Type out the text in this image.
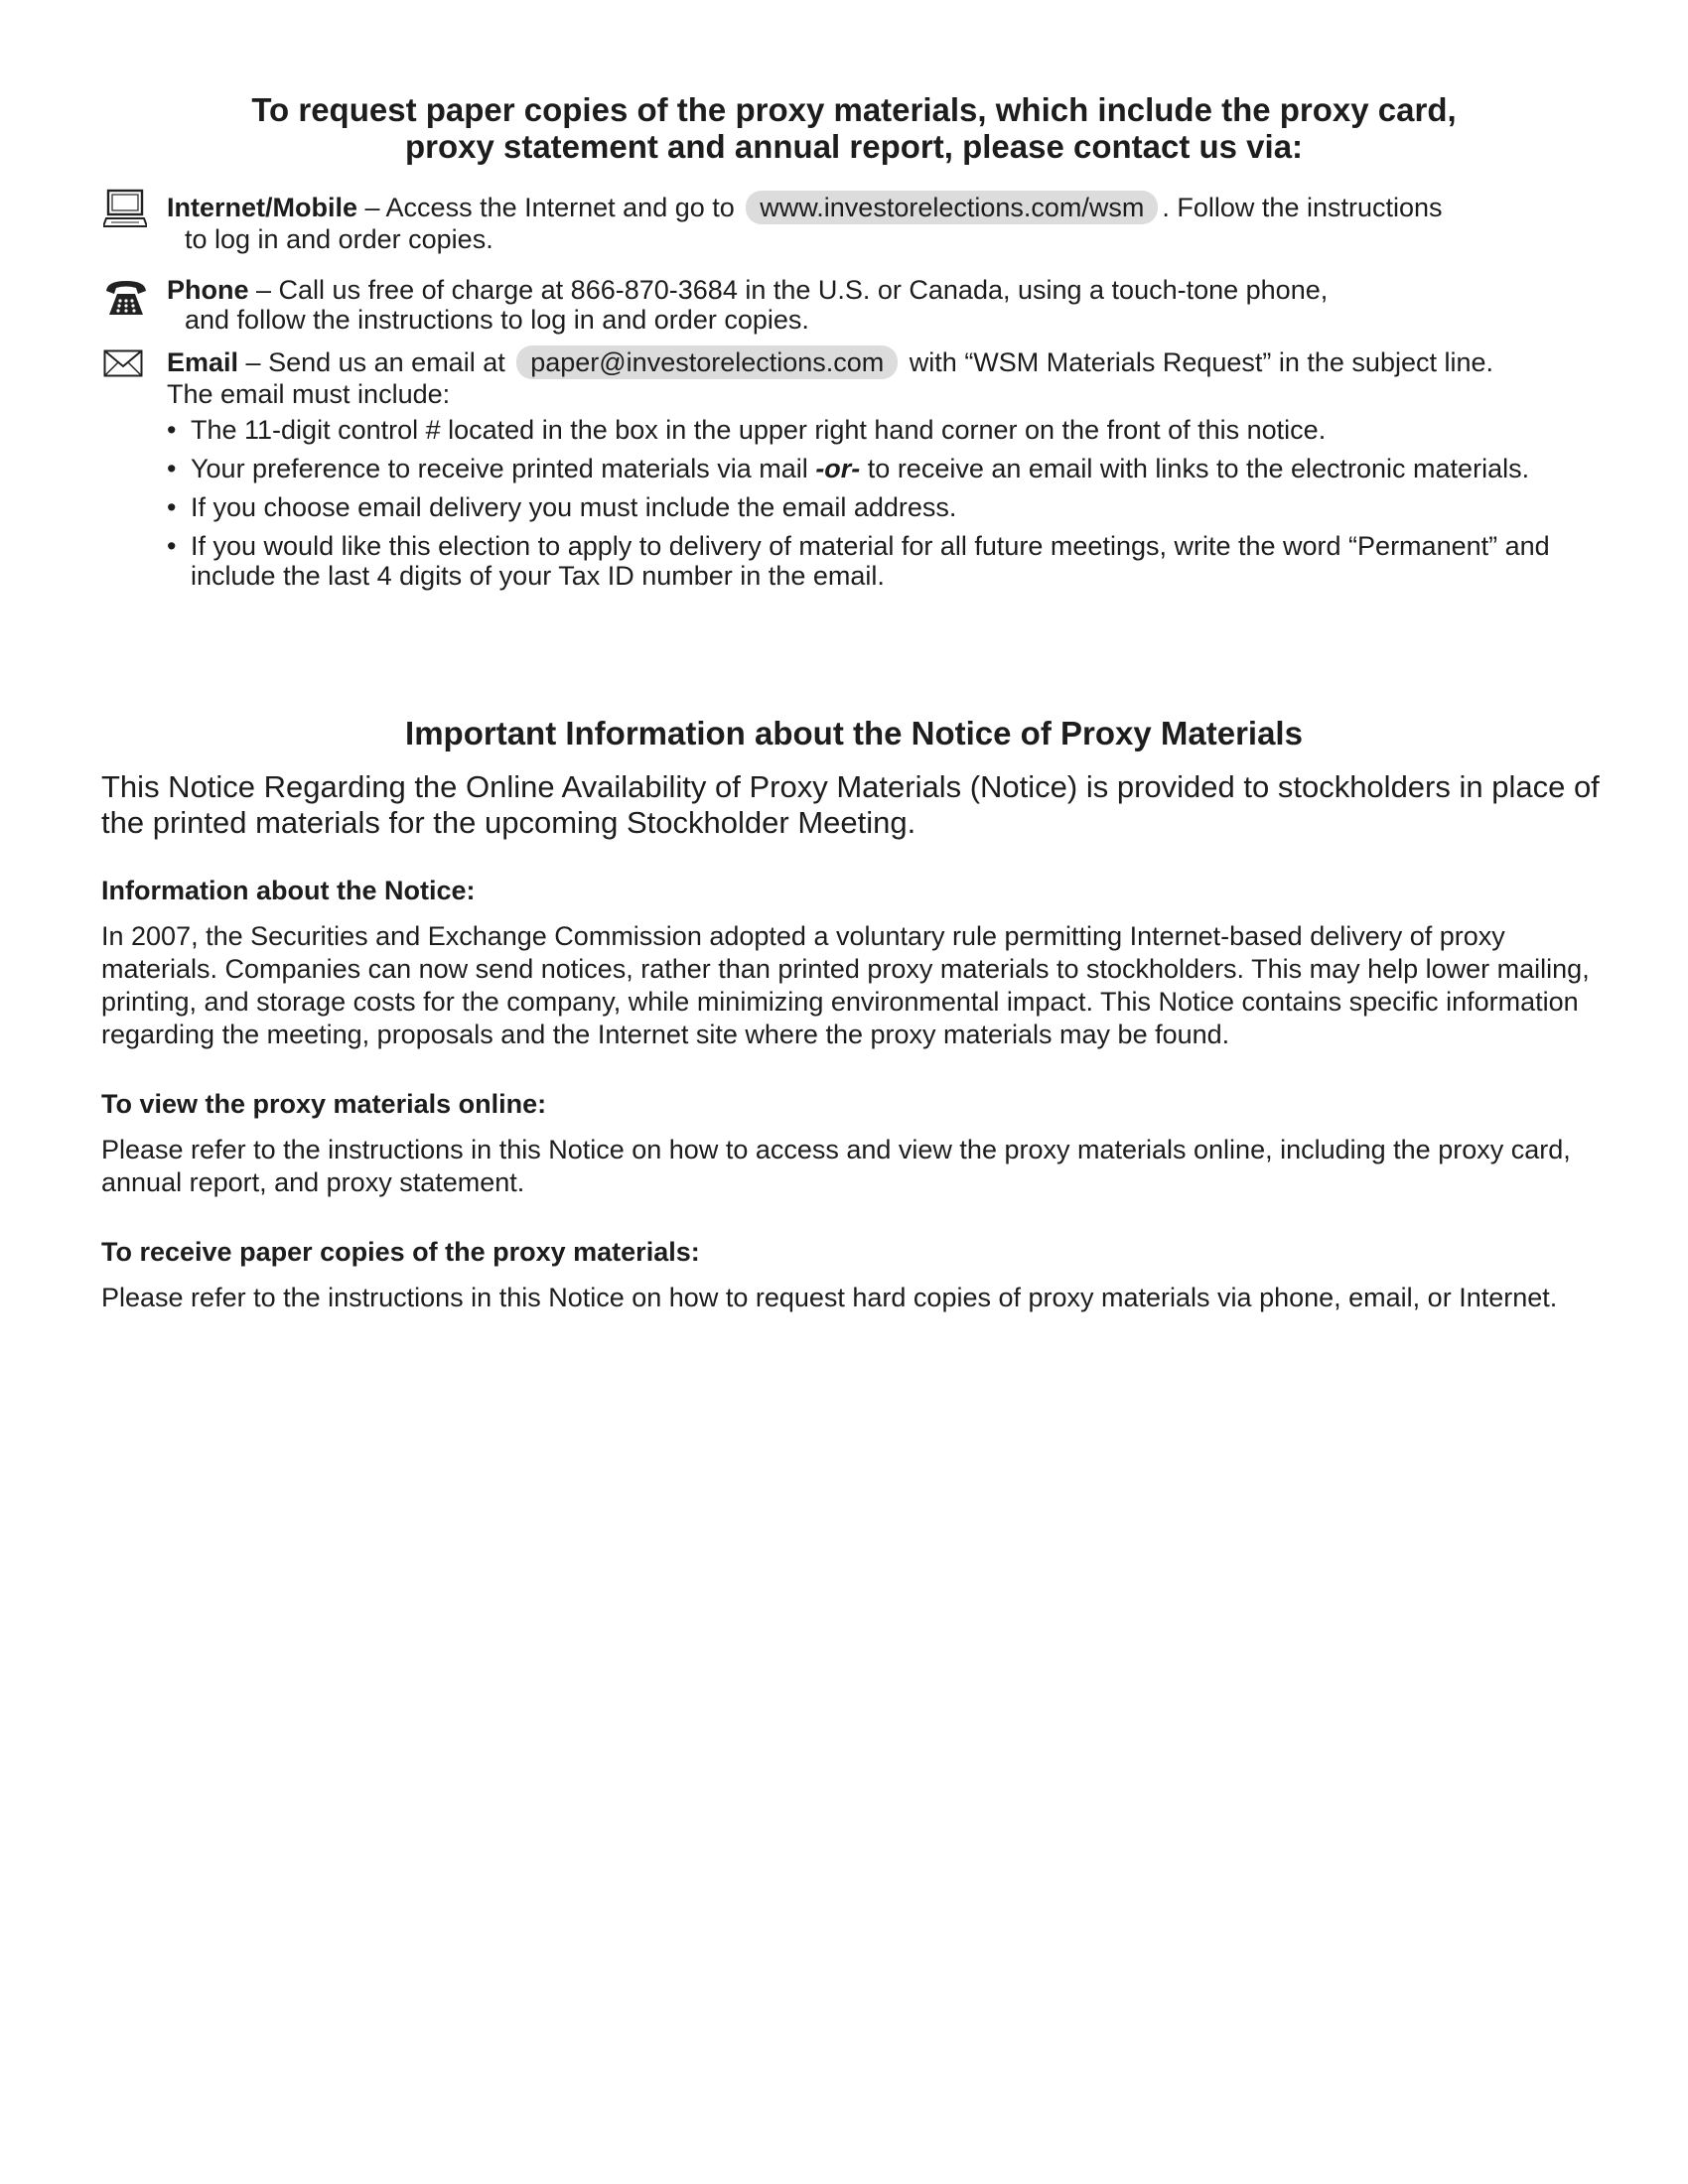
To request paper copies of the proxy materials, which include the proxy card,
proxy statement and annual report, please contact us via:
Internet/Mobile – Access the Internet and go to www.investorelections.com/wsm . Follow the instructions
to log in and order copies.
Phone – Call us free of charge at 866-870-3684 in the U.S. or Canada, using a touch-tone phone,
and follow the instructions to log in and order copies.
Email – Send us an email at paper@investorelections.com with “WSM Materials Request” in the subject line.
The email must include:
• The 11-digit control # located in the box in the upper right hand corner on the front of this notice.
• Your preference to receive printed materials via mail -or- to receive an email with links to the electronic materials.
• If you choose email delivery you must include the email address.
• If you would like this election to apply to delivery of material for all future meetings, write the word “Permanent” and include the last 4 digits of your Tax ID number in the email.
Important Information about the Notice of Proxy Materials

This Notice Regarding the Online Availability of Proxy Materials (Notice) is provided to stockholders in place of the printed materials for the upcoming Stockholder Meeting.

Information about the Notice:

In 2007, the Securities and Exchange Commission adopted a voluntary rule permitting Internet-based delivery of proxy materials. Companies can now send notices, rather than printed proxy materials to stockholders. This may help lower mailing, printing, and storage costs for the company, while minimizing environmental impact. This Notice contains specific information regarding the meeting, proposals and the Internet site where the proxy materials may be found.

To view the proxy materials online:

Please refer to the instructions in this Notice on how to access and view the proxy materials online, including the proxy card, annual report, and proxy statement.

To receive paper copies of the proxy materials:

Please refer to the instructions in this Notice on how to request hard copies of proxy materials via phone, email, or Internet.
